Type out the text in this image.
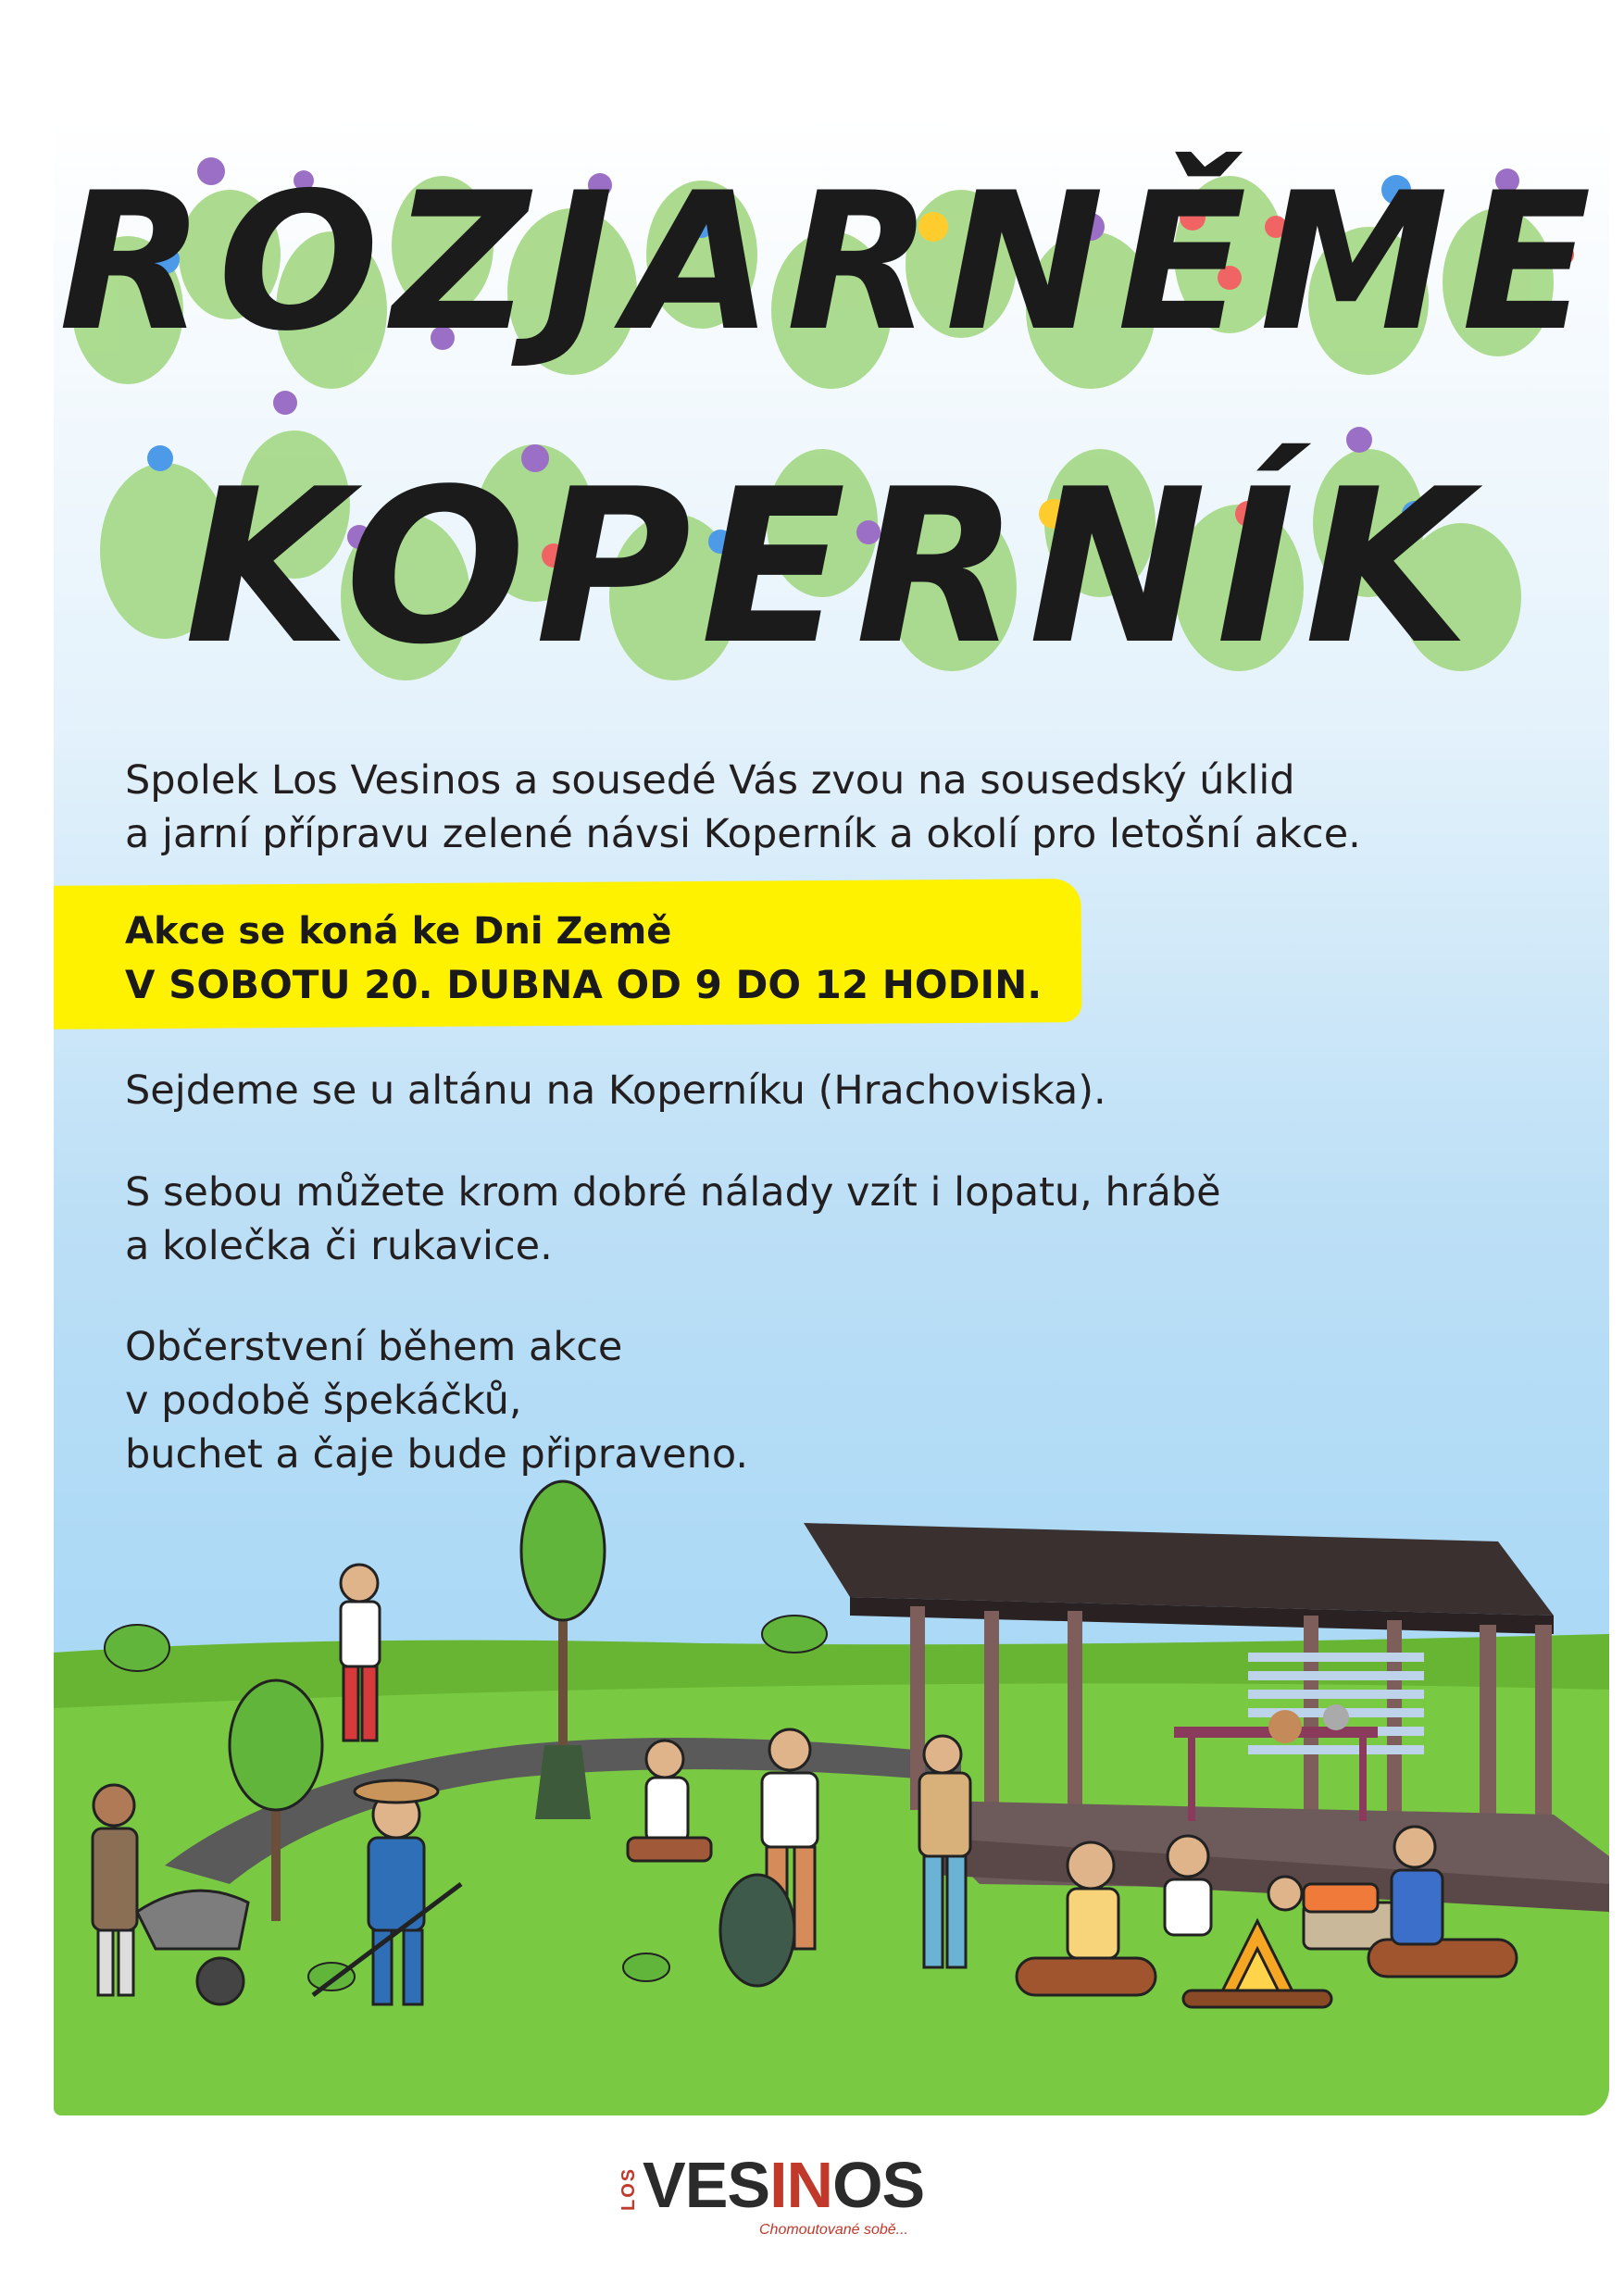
ROZJARNĚME
KOPERNÍK

Spolek Los Vesinos a sousedé Vás zvou na sousedský úklid

a jarní přípravu zelené návsi Koperník a okolí pro letošní akce.

Akce se koná ke Dni Země
V SOBOTU 20. DUBNA OD 9 DO 12 HODIN.

Sejdeme se u altánu na Koperníku (Hrachoviska).

S sebou můžete krom dobré nálady vzít i lopatu, hrábě

a kolečka či rukavice.

Občerstvení během akce

v podobě špekáčků,

buchet a čaje bude připraveno.

LOS VESINOS
Chomoutované sobě...
